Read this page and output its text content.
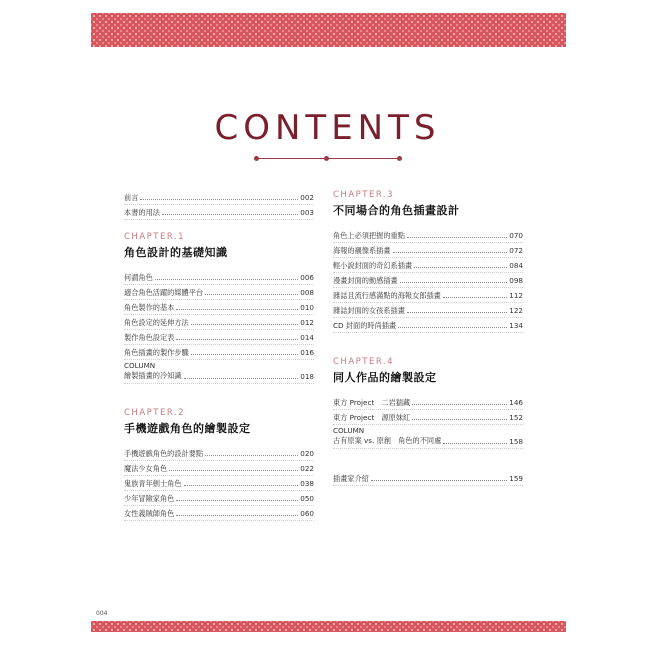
CONTENTS
前言	002
本書的用法	003
CHAPTER.1
角色設計的基礎知識
何謂角色	006
適合角色活躍的媒體平台	008
角色製作的基本	010
角色設定的延伸方法	012
製作角色設定表	014
角色插畫的製作步驟	016
COLUMN
繪製插畫的冷知識	018
CHAPTER.2
手機遊戲角色的繪製設定
手機遊戲角色的設計要點	020
魔法少女角色	022
鬼族青年劍士角色	038
少年冒險家角色	050
女性義賊師角色	060
CHAPTER.3
不同場合的角色插畫設計
角色上必須把握的重點	070
海報的襯像系插畫	072
輕小說封面的奇幻系插畫	084
漫畫封面的動感插畫	098
雜誌且流行感滿點的海報女郎插畫	112
雜誌封面的女孩系插畫	122
CD 封面的時尚插畫	134
CHAPTER.4
同人作品的繪製設定
東方 Project　二岩猯藏	146
東方 Project　源原妹紅	152
COLUMN
古有原案 vs. 原創　角色的不同處	158
插畫家介紹	159
004
